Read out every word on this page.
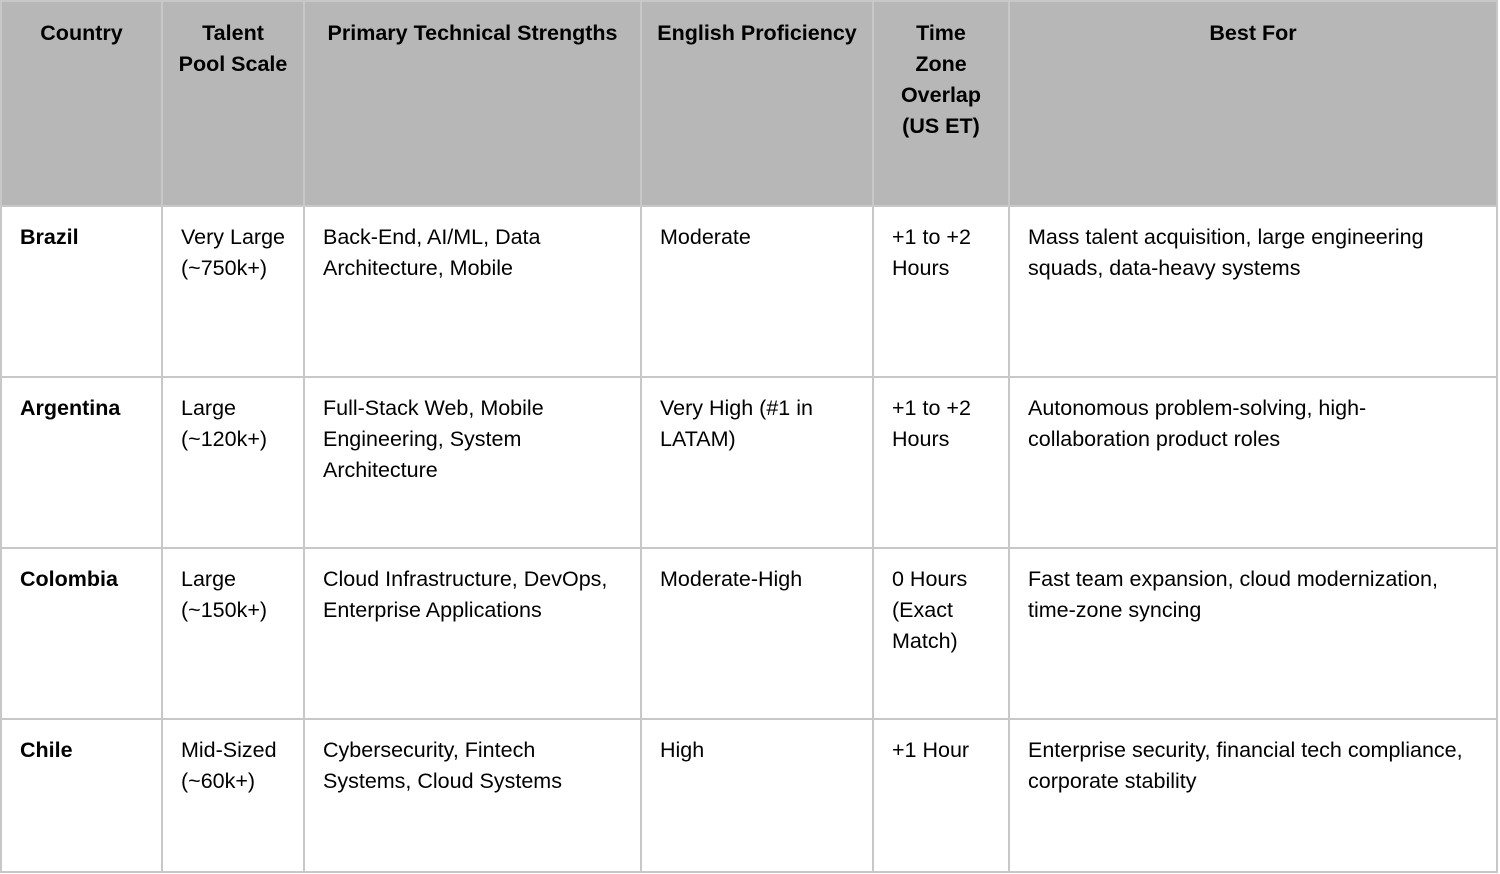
Country	Talent Pool Scale	Primary Technical Strengths	English Proficiency	Time Zone Overlap (US ET)	Best For
Brazil	Very Large (~750k+)	Back-End, AI/ML, Data Architecture, Mobile	Moderate	+1 to +2 Hours	Mass talent acquisition, large engineering squads, data-heavy systems
Argentina	Large (~120k+)	Full-Stack Web, Mobile Engineering, System Architecture	Very High (#1 in LATAM)	+1 to +2 Hours	Autonomous problem-solving, high-collaboration product roles
Colombia	Large (~150k+)	Cloud Infrastructure, DevOps, Enterprise Applications	Moderate-High	0 Hours (Exact Match)	Fast team expansion, cloud modernization, time-zone syncing
Chile	Mid-Sized (~60k+)	Cybersecurity, Fintech Systems, Cloud Systems	High	+1 Hour	Enterprise security, financial tech compliance, corporate stability
